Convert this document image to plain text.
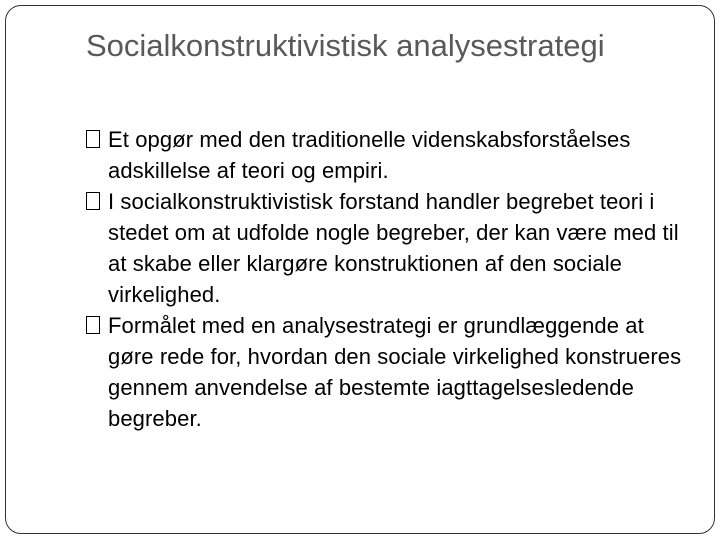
Socialkonstruktivistisk analysestrategi
Et opgør med den traditionelle videnskabsforståelses adskillelse af teori og empiri.
I socialkonstruktivistisk forstand handler begrebet teori i stedet om at udfolde nogle begreber, der kan være med til at skabe eller klargøre konstruktionen af den sociale virkelighed.
Formålet med en analysestrategi er grundlæggende at gøre rede for, hvordan den sociale virkelighed konstrueres gennem anvendelse af bestemte iagttagelsesledende begreber.
